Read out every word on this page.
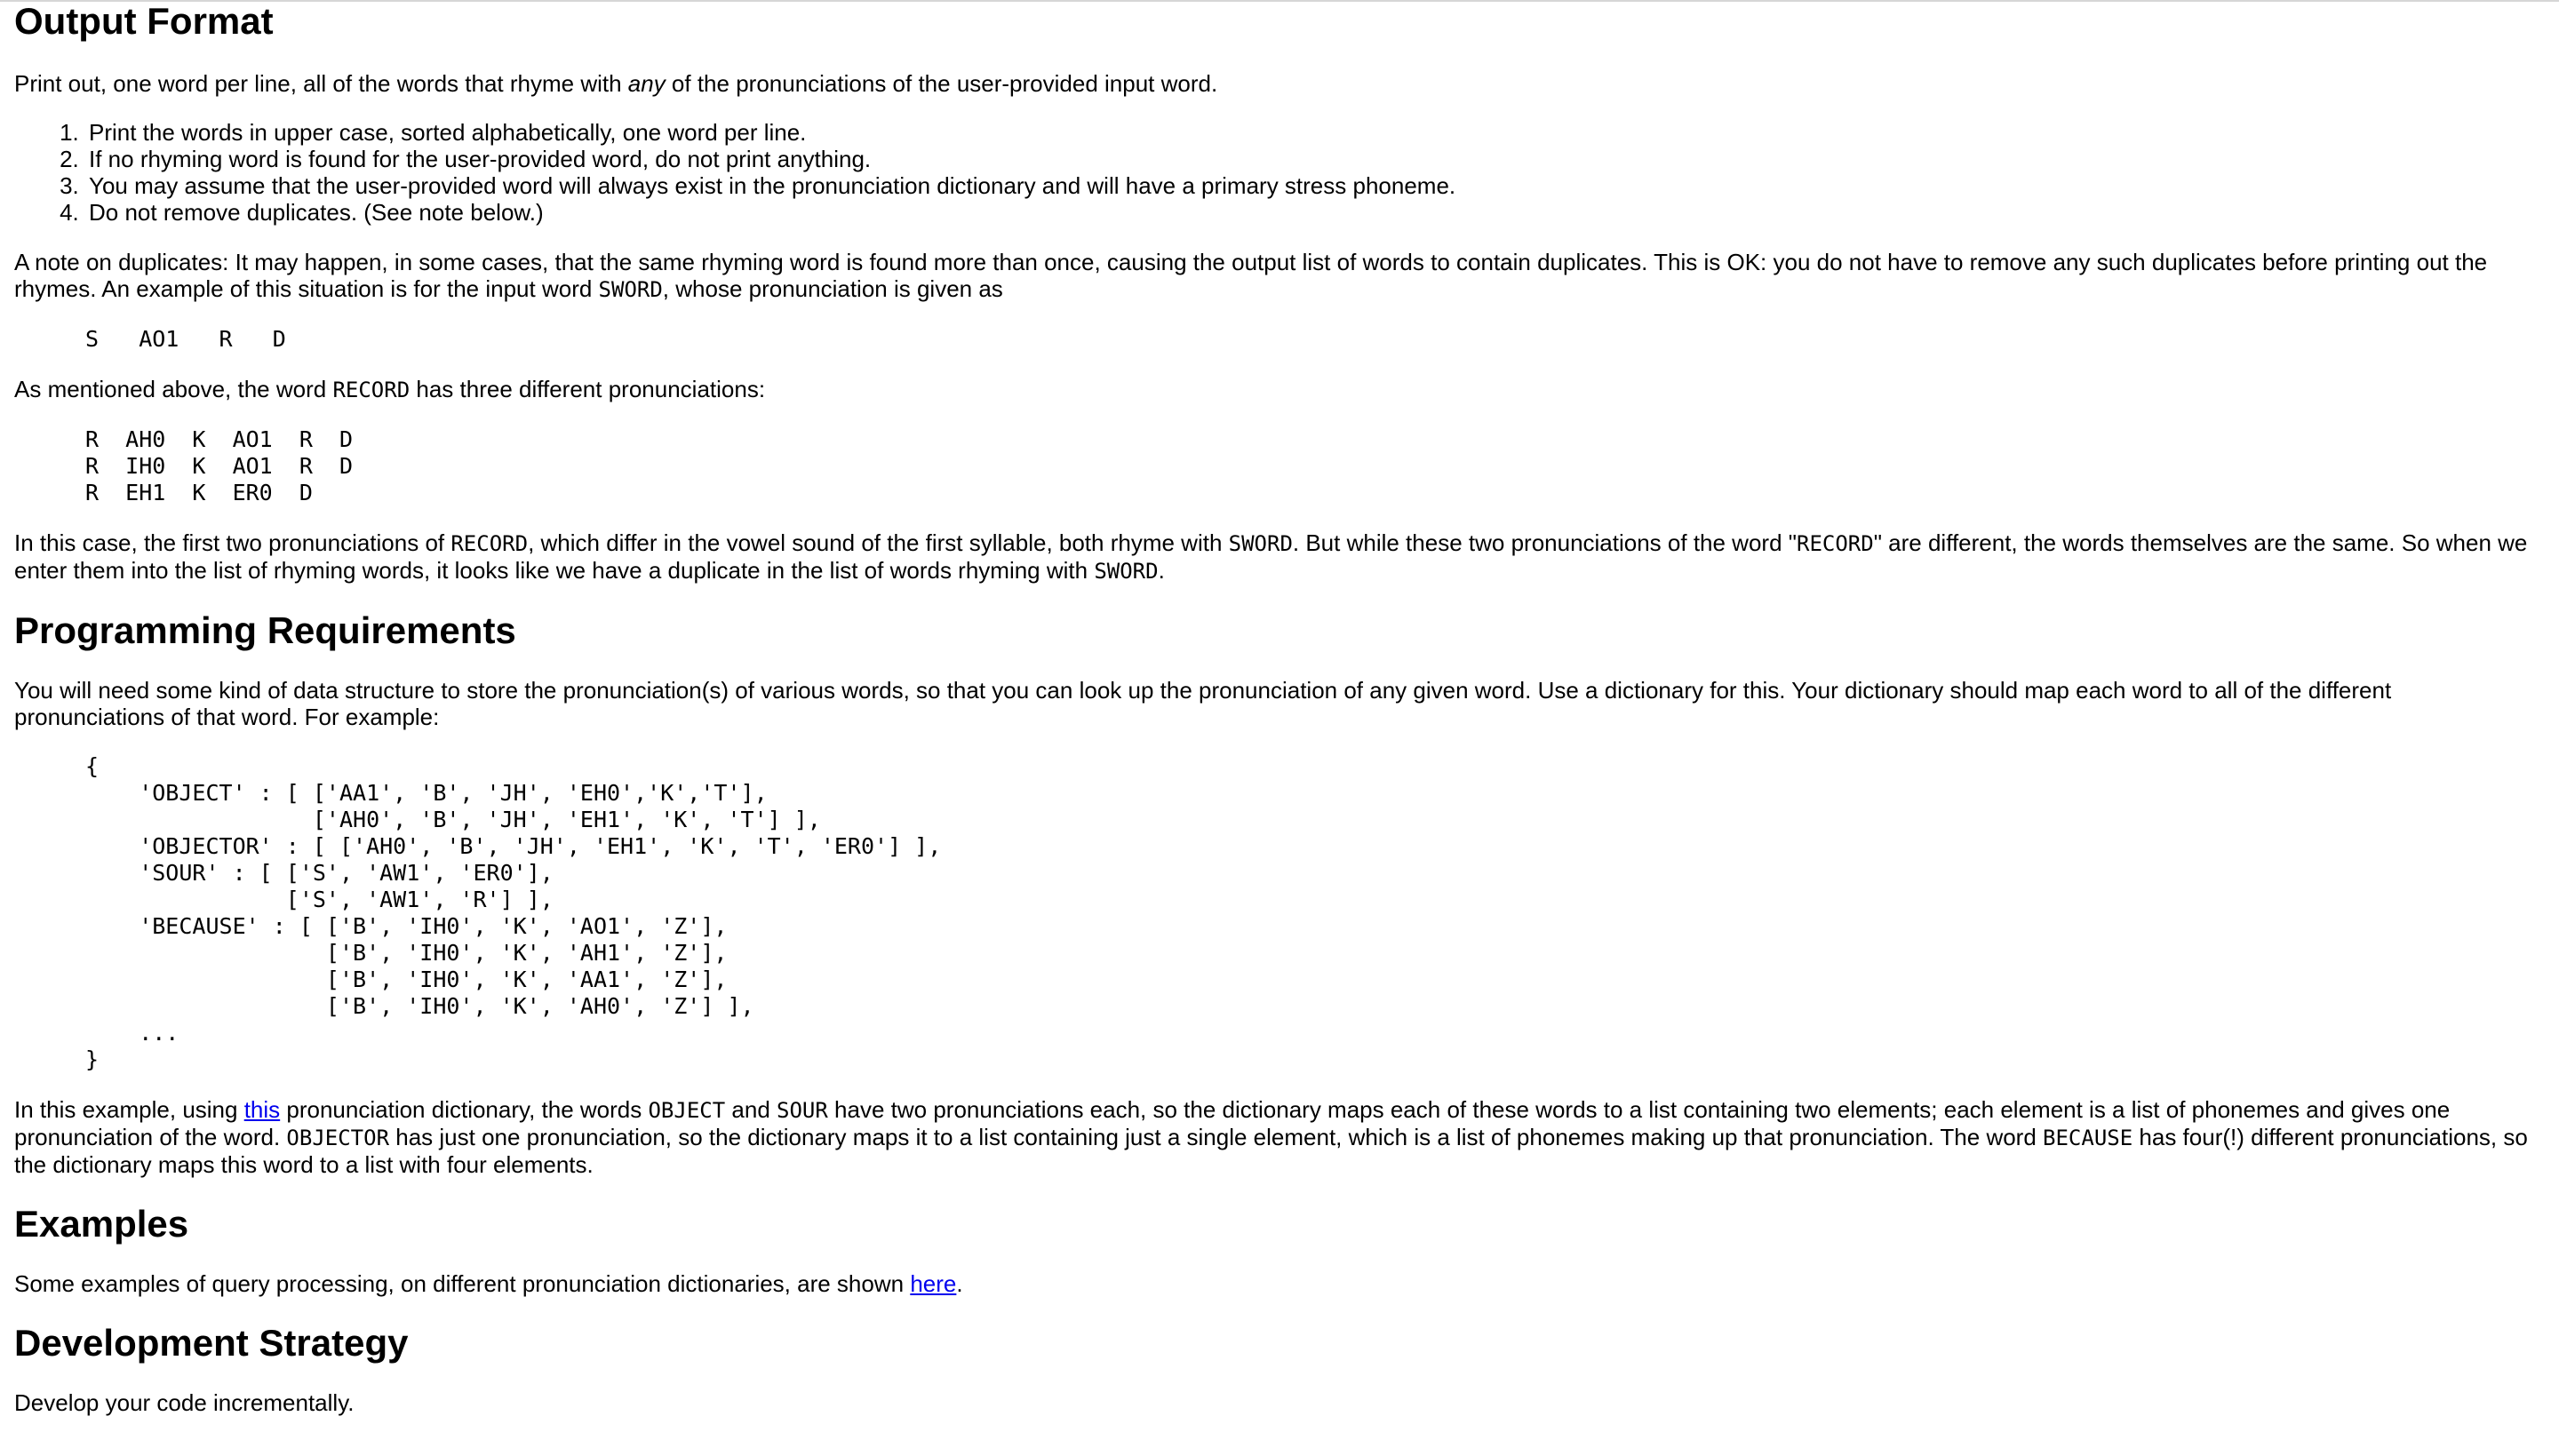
Output Format

Print out, one word per line, all of the words that rhyme with any of the pronunciations of the user-provided input word.

1. Print the words in upper case, sorted alphabetically, one word per line.
2. If no rhyming word is found for the user-provided word, do not print anything.
3. You may assume that the user-provided word will always exist in the pronunciation dictionary and will have a primary stress phoneme.
4. Do not remove duplicates. (See note below.)

A note on duplicates: It may happen, in some cases, that the same rhyming word is found more than once, causing the output list of words to contain duplicates. This is OK: you do not have to remove any such duplicates before printing out the rhymes. An example of this situation is for the input word SWORD, whose pronunciation is given as

S   AO1   R   D

As mentioned above, the word RECORD has three different pronunciations:

R  AH0  K  AO1  R  D
R  IH0  K  AO1  R  D
R  EH1  K  ER0  D

In this case, the first two pronunciations of RECORD, which differ in the vowel sound of the first syllable, both rhyme with SWORD. But while these two pronunciations of the word "RECORD" are different, the words themselves are the same. So when we enter them into the list of rhyming words, it looks like we have a duplicate in the list of words rhyming with SWORD.

Programming Requirements

You will need some kind of data structure to store the pronunciation(s) of various words, so that you can look up the pronunciation of any given word. Use a dictionary for this. Your dictionary should map each word to all of the different pronunciations of that word. For example:

{
'OBJECT' : [ ['AA1', 'B', 'JH', 'EH0','K','T'],
['AH0', 'B', 'JH', 'EH1', 'K', 'T'] ],
'OBJECTOR' : [ ['AH0', 'B', 'JH', 'EH1', 'K', 'T', 'ER0'] ],
'SOUR' : [ ['S', 'AW1', 'ER0'],
['S', 'AW1', 'R'] ],
'BECAUSE' : [ ['B', 'IH0', 'K', 'AO1', 'Z'],
['B', 'IH0', 'K', 'AH1', 'Z'],
['B', 'IH0', 'K', 'AA1', 'Z'],
['B', 'IH0', 'K', 'AH0', 'Z'] ],
...
}

In this example, using this pronunciation dictionary, the words OBJECT and SOUR have two pronunciations each, so the dictionary maps each of these words to a list containing two elements; each element is a list of phonemes and gives one pronunciation of the word. OBJECTOR has just one pronunciation, so the dictionary maps it to a list containing just a single element, which is a list of phonemes making up that pronunciation. The word BECAUSE has four(!) different pronunciations, so the dictionary maps this word to a list with four elements.

Examples

Some examples of query processing, on different pronunciation dictionaries, are shown here.

Development Strategy

Develop your code incrementally.
